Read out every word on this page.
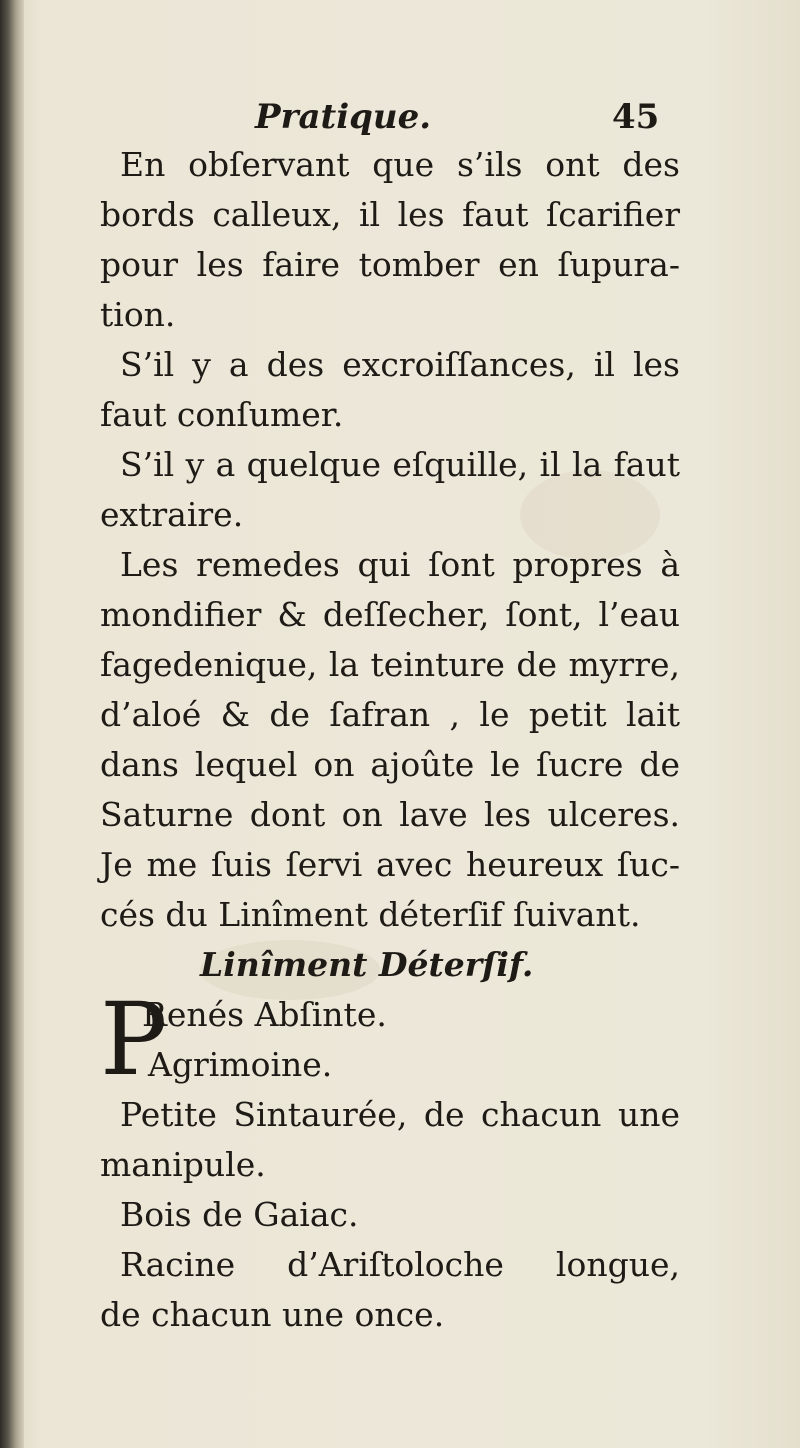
Pratique.	45
En obſervant que s’ils ont des
bords calleux, il les faut ſcarifier
pour les faire tomber en ſupura-
tion.
S’il y a des excroiſſances, il les
faut conſumer.
S’il y a quelque eſquille, il la faut
extraire.
Les remedes qui ſont propres à
mondifier & deſſecher, ſont, l’eau
fagedenique, la teinture de myrre,
d’aloé & de ſafran , le petit lait
dans lequel on ajoûte le ſucre de
Saturne dont on lave les ulceres.
Je me ſuis ſervi avec heureux ſuc-
cés du Linîment déterſif ſuivant.
Linîment Déterſif.
P
Renés Abſinte.
Agrimoine.
Petite Sintaurée, de chacun une
manipule.
Bois de Gaiac.
Racine d’Ariſtoloche longue,
de chacun une once.
